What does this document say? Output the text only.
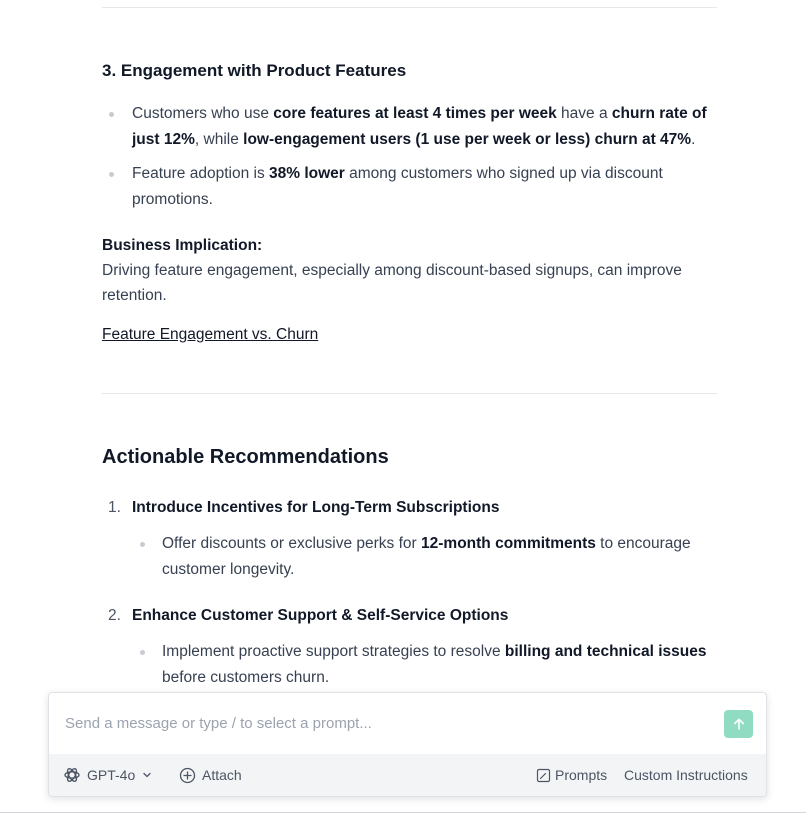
3. Engagement with Product Features
Customers who use core features at least 4 times per week have a churn rate of just 12%, while low-engagement users (1 use per week or less) churn at 47%.
Feature adoption is 38% lower among customers who signed up via discount promotions.
Business Implication:
Driving feature engagement, especially among discount-based signups, can improve retention.
Feature Engagement vs. Churn
Actionable Recommendations
1. Introduce Incentives for Long-Term Subscriptions
Offer discounts or exclusive perks for 12-month commitments to encourage customer longevity.
2. Enhance Customer Support & Self-Service Options
Implement proactive support strategies to resolve billing and technical issues before customers churn.
Send a message or type / to select a prompt...
GPT-4o	Attach	Prompts Custom Instructions
